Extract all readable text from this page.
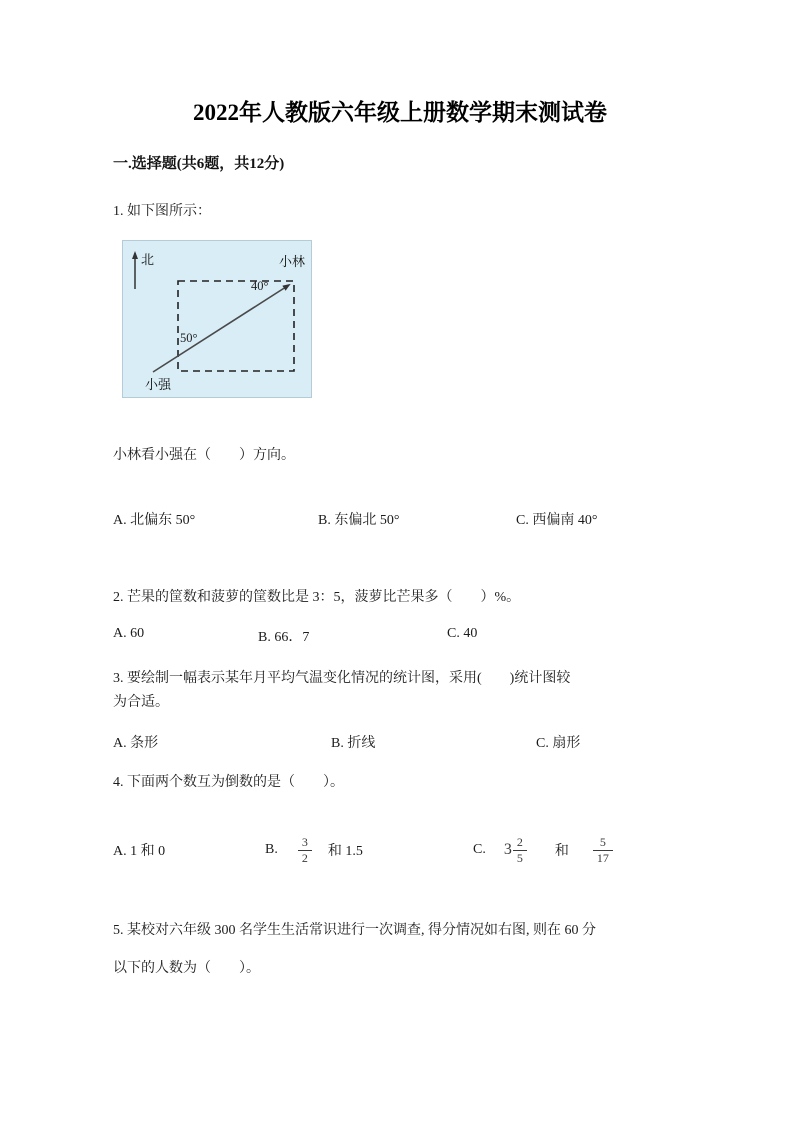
2022年人教版六年级上册数学期末测试卷
一.选择题(共6题，共12分)
1. 如下图所示：
北	小林
40°
50°
小强
小林看小强在（　　）方向。
A. 北偏东 50°	B. 东偏北 50°	C. 西偏南 40°
2. 芒果的筐数和菠萝的筐数比是 3：5，菠萝比芒果多（　　）%。
A. 60	B. 66．7	C. 40
3. 要绘制一幅表示某年月平均气温变化情况的统计图，采用(　　)统计图较
为合适。
A. 条形	B. 折线	C. 扇形
4. 下面两个数互为倒数的是（　　）。
A. 1 和 0	B. $\frac{3}{2}$ 和 1.5	C. $3 \frac{2}{5}$ 和 $\frac{5}{17}$
5. 某校对六年级 300 名学生生活常识进行一次调查, 得分情况如右图, 则在 60 分
以下的人数为（　　）。
